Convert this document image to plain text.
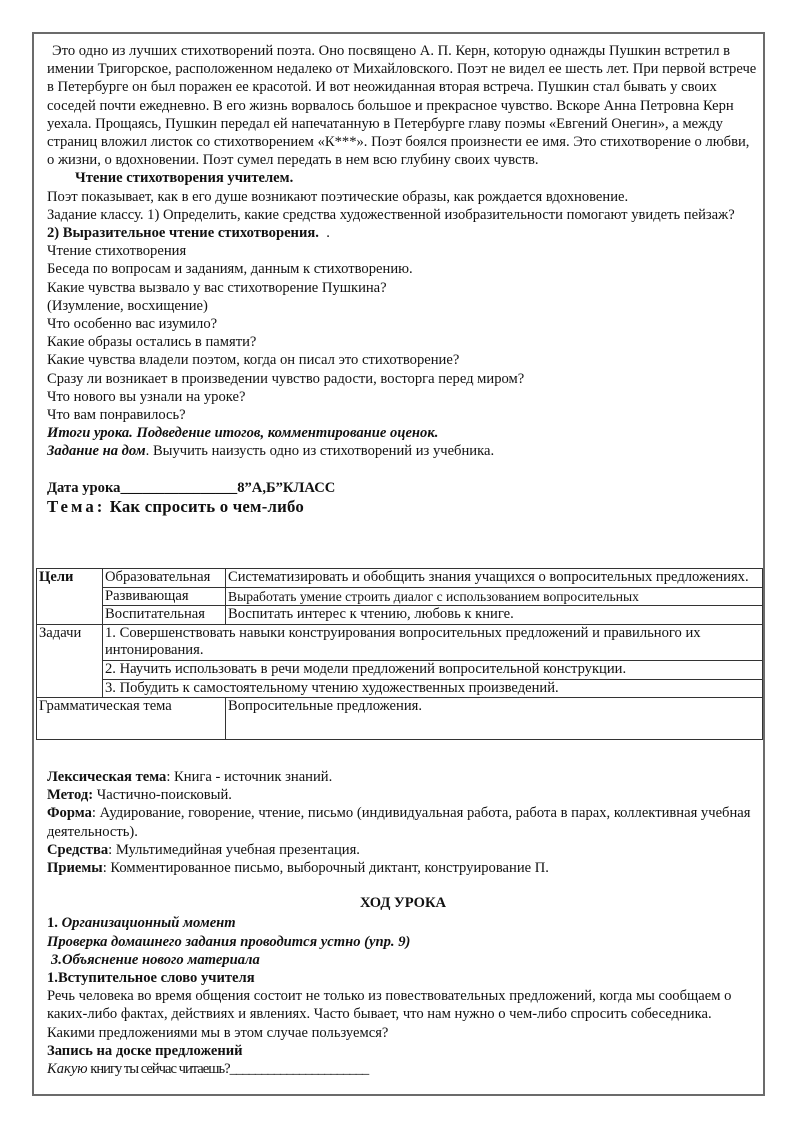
Это одно из лучших стихотворений поэта. Оно посвящено А. П. Керн, которую однажды Пушкин встретил в имении Тригорское, расположенном недалеко от Михайловского. Поэт не видел ее шесть лет. При первой встрече в Петербурге он был поражен ее красотой. И вот неожиданная вторая встреча. Пушкин стал бывать у своих соседей почти ежедневно. В его жизнь ворвалось большое и прекрасное чувство. Вскоре Анна Петровна Керн уехала. Прощаясь, Пушкин передал ей напечатанную в Петербурге главу поэмы «Евгений Онегин», а между страниц вложил листок со стихотворением «К***». Поэт боялся произнести ее имя. Это стихотворение о любви, о жизни, о вдохновении. Поэт сумел передать в нем всю глубину своих чувств.

Чтение стихотворения учителем.

Поэт показывает, как в его душе возникают поэтические образы, как рождается вдохновение.

Задание классу. 1) Определить, какие средства художественной изобразительности помогают увидеть пейзаж?

2) Выразительное чтение стихотворения. .

Чтение стихотворения

Беседа по вопросам и заданиям, данным к стихотворению.

Какие чувства вызвало у вас стихотворение Пушкина?

(Изумление, восхищение)

Что особенно вас изумило?

Какие образы остались в памяти?

Какие чувства владели поэтом, когда он писал это стихотворение?

Сразу ли возникает в произведении чувство радости, восторга перед миром?

Что нового вы узнали на уроке?

Что вам понравилось?

Итоги урока. Подведение итогов, комментирование оценок.

Задание на дом. Выучить наизусть одно из стихотворений из учебника.

Дата урока________________8”А,Б”КЛАСС

Тема: Как спросить о чем-либо

Цели	Образовательная	Систематизировать и обобщить знания учащихся о вопросительных предложениях.
	Развивающая	Выработать умение строить диалог с использованием вопросительных
	Воспитательная	Воспитать интерес к чтению, любовь к книге.
Задачи	1. Совершенствовать навыки конструирования вопросительных предложений и правильного их интонирования.	
	2. Научить использовать в речи модели предложений вопросительной конструкции.	
	3. Побудить к самостоятельному чтению художественных произведений.	
Грамматическая тема		Вопросительные предложения.

Лексическая тема: Книга - источник знаний.

Метод: Частично-поисковый.

Форма: Аудирование, говорение, чтение, письмо (индивидуальная работа, работа в парах, коллективная учебная деятельность).

Средства: Мультимедийная учебная презентация.

Приемы: Комментированное письмо, выборочный диктант, конструирование П.

ХОД УРОКА

1. Организационный момент

Проверка домашнего задания проводится устно (упр. 9)

3.Объяснение нового материала

1.Вступительное слово учителя

Речь человека во время общения состоит не только из повествовательных предложений, когда мы сообщаем о каких-либо фактах, действиях и явлениях. Часто бывает, что нам нужно о чем-либо спросить собеседника. Какими предложениями мы в этом случае пользуемся?

Запись на доске предложений

Какую книгу ты сейчас читаешь?______________________
